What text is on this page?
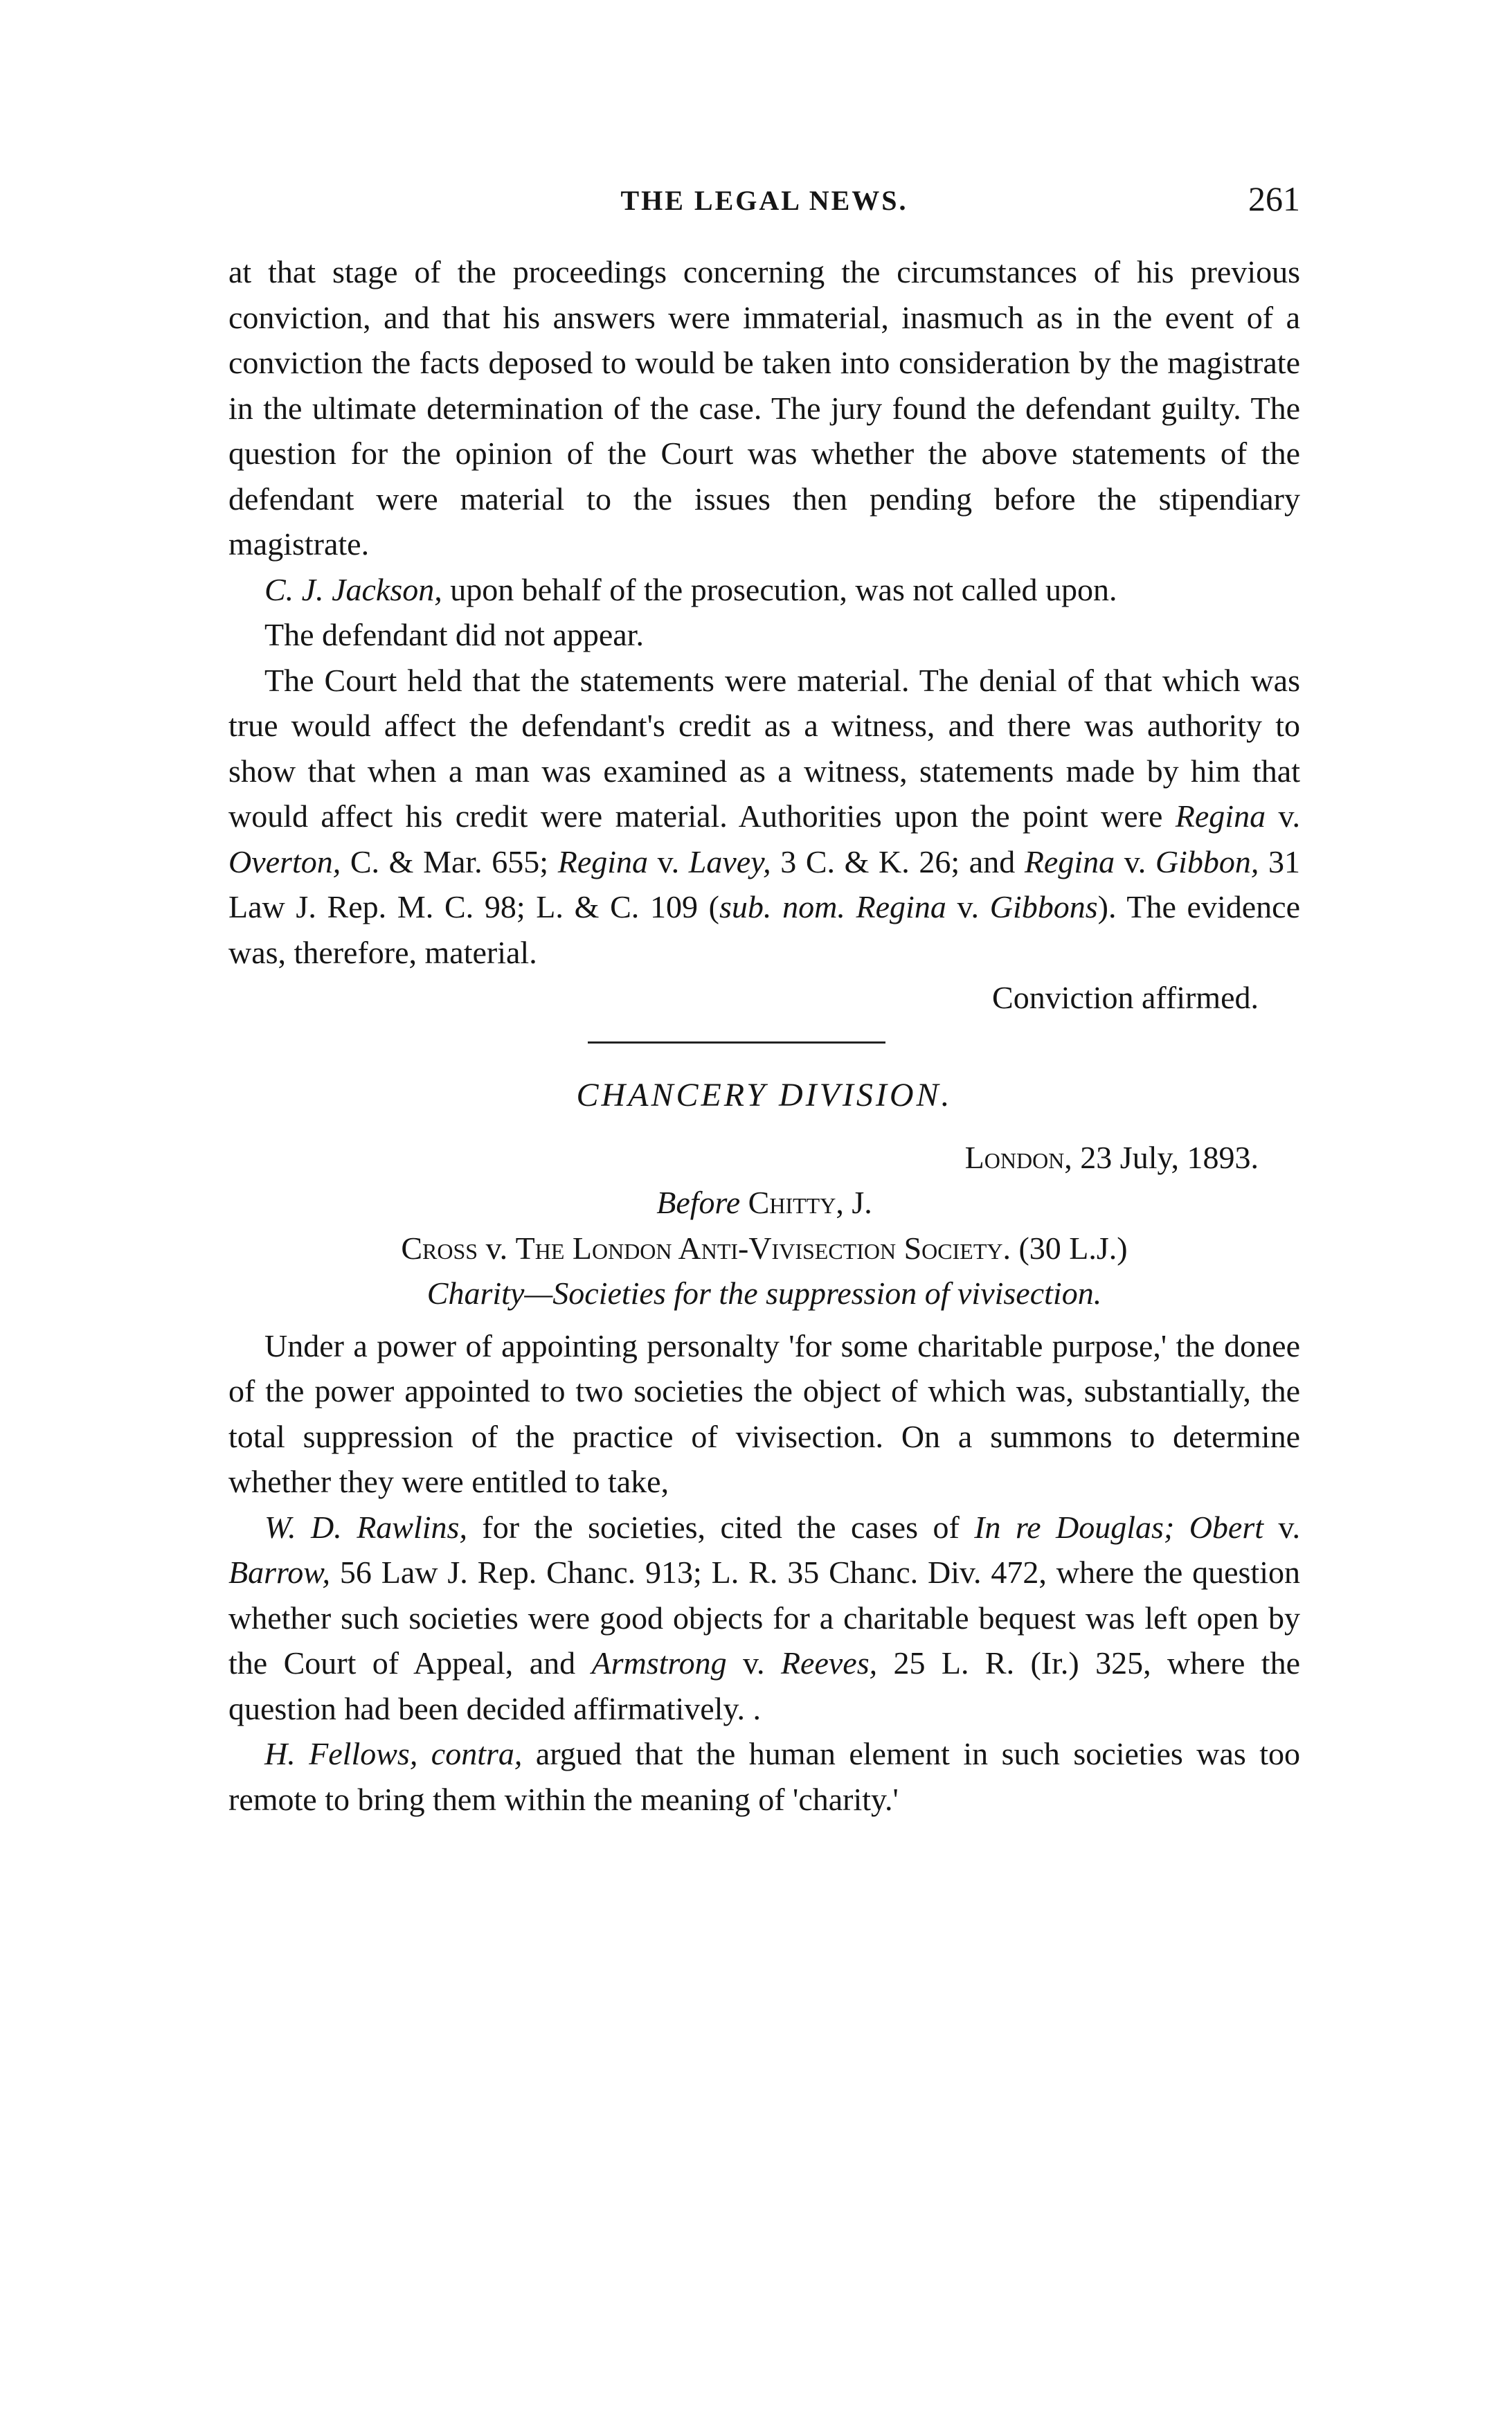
THE LEGAL NEWS.	261

at that stage of the proceedings concerning the circumstances of his previous conviction, and that his answers were immaterial, inasmuch as in the event of a conviction the facts deposed to would be taken into consideration by the magistrate in the ultimate determination of the case. The jury found the defendant guilty. The question for the opinion of the Court was whether the above statements of the defendant were material to the issues then pending before the stipendiary magistrate.

C. J. Jackson, upon behalf of the prosecution, was not called upon.

The defendant did not appear.

The Court held that the statements were material. The denial of that which was true would affect the defendant's credit as a witness, and there was authority to show that when a man was examined as a witness, statements made by him that would affect his credit were material. Authorities upon the point were Regina v. Overton, C. & Mar. 655; Regina v. Lavey, 3 C. & K. 26; and Regina v. Gibbon, 31 Law J. Rep. M. C. 98; L. & C. 109 (sub. nom. Regina v. Gibbons). The evidence was, therefore, material.

Conviction affirmed.

CHANCERY DIVISION.

London, 23 July, 1893.

Before Chitty, J.

Cross v. The London Anti-Vivisection Society. (30 L.J.)

Charity—Societies for the suppression of vivisection.

Under a power of appointing personalty 'for some charitable purpose,' the donee of the power appointed to two societies the object of which was, substantially, the total suppression of the practice of vivisection. On a summons to determine whether they were entitled to take,

W. D. Rawlins, for the societies, cited the cases of In re Douglas; Obert v. Barrow, 56 Law J. Rep. Chanc. 913; L. R. 35 Chanc. Div. 472, where the question whether such societies were good objects for a charitable bequest was left open by the Court of Appeal, and Armstrong v. Reeves, 25 L. R. (Ir.) 325, where the question had been decided affirmatively. .

H. Fellows, contra, argued that the human element in such societies was too remote to bring them within the meaning of 'charity.'
